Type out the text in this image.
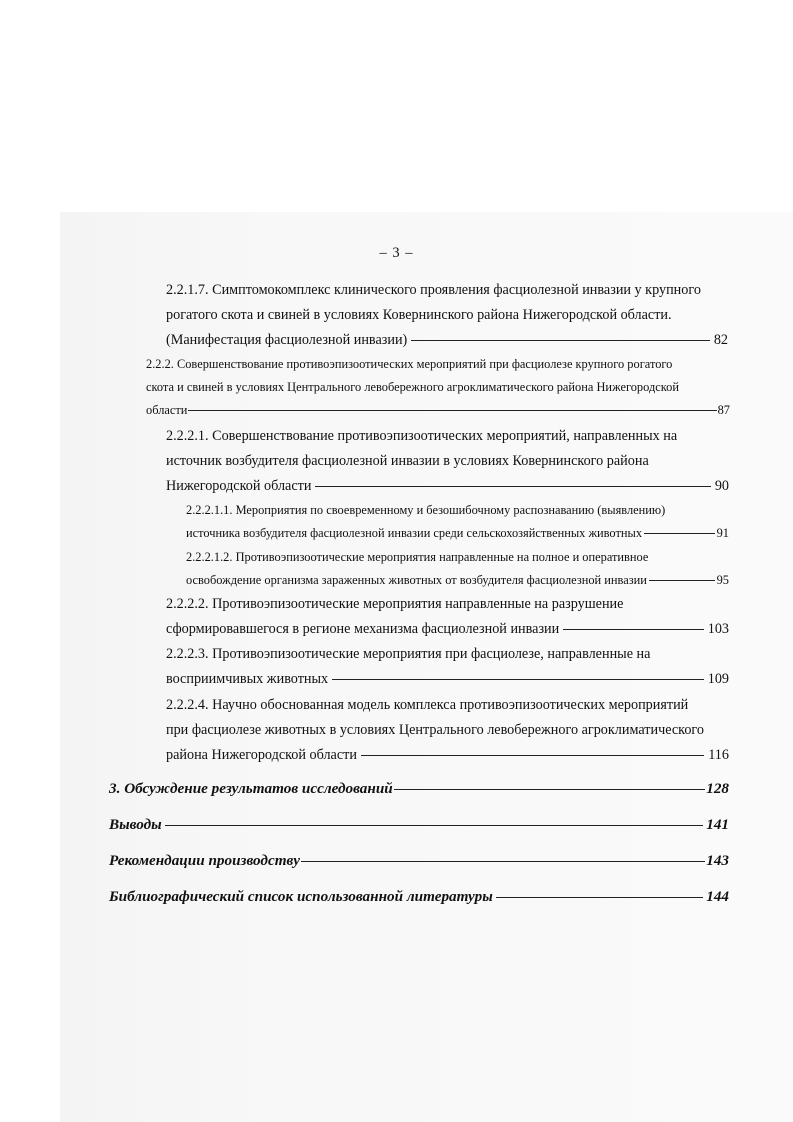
– 3 –
2.2.1.7. Симптомокомплекс клинического проявления фасциолезной инвазии у крупного
рогатого скота и свиней в условиях Ковернинского района Нижегородской области.
(Манифестация фасциолезной инвазии)	82
2.2.2. Совершенствование противоэпизоотических мероприятий при фасциолезе крупного рогатого
скота и свиней в условиях Центрального левобережного агроклиматического района Нижегородской
области	87
2.2.2.1. Совершенствование противоэпизоотических мероприятий, направленных на
источник возбудителя фасциолезной инвазии в условиях Ковернинского района
Нижегородской области	90
2.2.2.1.1. Мероприятия по своевременному и безошибочному распознаванию (выявлению)
источника возбудителя фасциолезной инвазии среди сельскохозяйственных животных	91
2.2.2.1.2. Противоэпизоотические мероприятия направленные на полное и оперативное
освобождение организма зараженных животных от возбудителя фасциолезной инвазии	95
2.2.2.2. Противоэпизоотические мероприятия направленные на разрушение
сформировавшегося в регионе механизма фасциолезной инвазии	103
2.2.2.3. Противоэпизоотические мероприятия при фасциолезе, направленные на
восприимчивых животных	109
2.2.2.4. Научно обоснованная модель комплекса противоэпизоотических мероприятий
при фасциолезе животных в условиях Центрального левобережного агроклиматического
района Нижегородской области	116
3. Обсуждение результатов исследований	128
Выводы	141
Рекомендации производству	143
Библиографический список использованной литературы	144
